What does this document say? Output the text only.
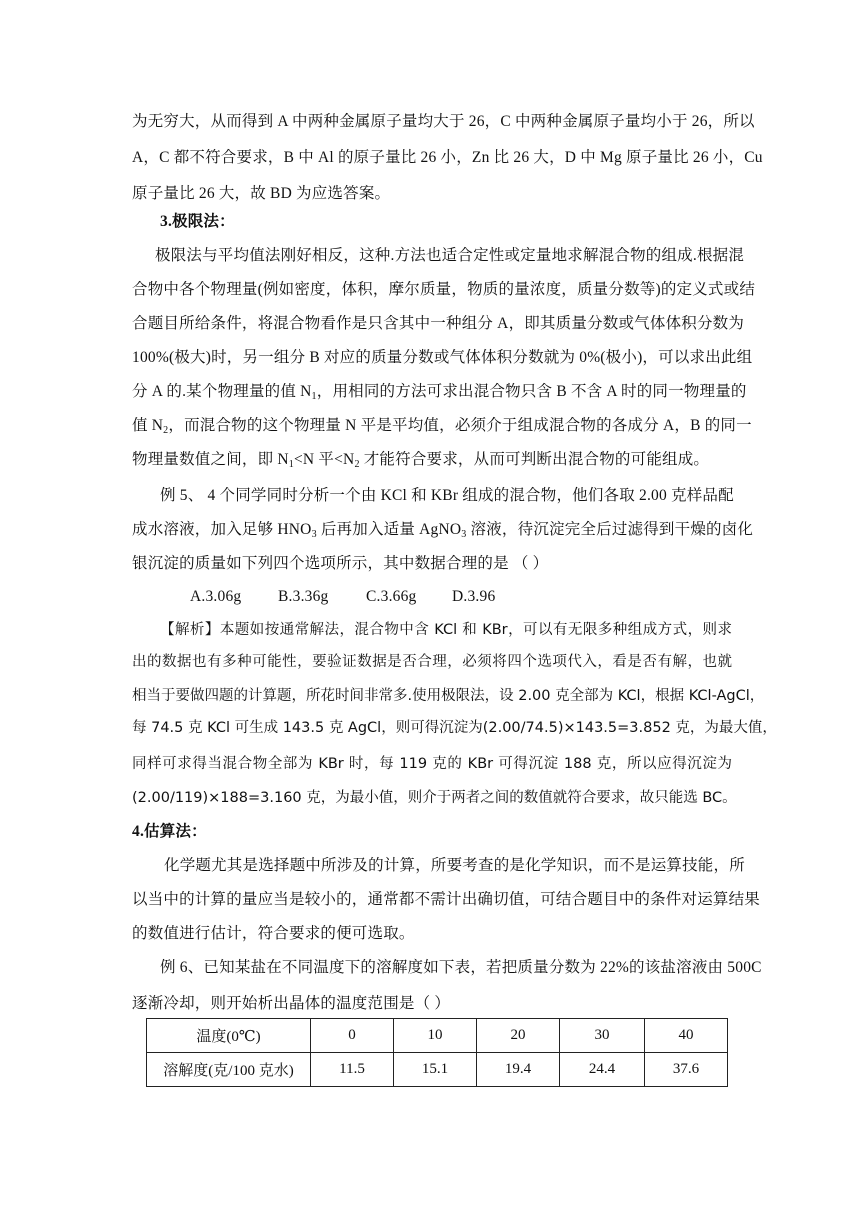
为无穷大，从而得到 A 中两种金属原子量均大于 26，C 中两种金属原子量均小于 26，所以
A，C 都不符合要求，B 中 Al 的原子量比 26 小，Zn 比 26 大，D 中 Mg 原子量比 26 小，Cu
原子量比 26 大，故 BD 为应选答案。
3.极限法：
极限法与平均值法刚好相反，这种.方法也适合定性或定量地求解混合物的组成.根据混
合物中各个物理量(例如密度，体积，摩尔质量，物质的量浓度，质量分数等)的定义式或结
合题目所给条件，将混合物看作是只含其中一种组分 A，即其质量分数或气体体积分数为
100%(极大)时，另一组分 B 对应的质量分数或气体体积分数就为 0%(极小)，可以求出此组
分 A 的.某个物理量的值 $N_1$，用相同的方法可求出混合物只含 B 不含 A 时的同一物理量的
值 $N_2$，而混合物的这个物理量 N 平是平均值，必须介于组成混合物的各成分 A，B 的同一
物理量数值之间，即 $N_1<N$ 平$<N_2$ 才能符合要求，从而可判断出混合物的可能组成。
例 5、 4 个同学同时分析一个由 KCl 和 KBr 组成的混合物，他们各取 2.00 克样品配
成水溶液，加入足够 $HNO_3$ 后再加入适量 AgNO$_3$ 溶液，待沉淀完全后过滤得到干燥的卤化
银沉淀的质量如下列四个选项所示，其中数据合理的是 （ ）
A.3.06g B.3.36g C.3.66g D.3.96
【解析】本题如按通常解法，混合物中含 KCl 和 KBr，可以有无限多种组成方式，则求
出的数据也有多种可能性，要验证数据是否合理，必须将四个选项代入，看是否有解，也就
相当于要做四题的计算题，所花时间非常多.使用极限法，设 2.00 克全部为 KCl，根据 KCl-AgCl，
每 74.5 克 KCl 可生成 143.5 克 AgCl，则可得沉淀为(2.00/74.5)×143.5=3.852 克，为最大值，
同样可求得当混合物全部为 KBr 时，每 119 克的 KBr 可得沉淀 188 克，所以应得沉淀为
(2.00/119)×188=3.160 克，为最小值，则介于两者之间的数值就符合要求，故只能选 BC。
4.估算法：
化学题尤其是选择题中所涉及的计算，所要考查的是化学知识，而不是运算技能，所
以当中的计算的量应当是较小的，通常都不需计出确切值，可结合题目中的条件对运算结果
的数值进行估计，符合要求的便可选取。
例 6、已知某盐在不同温度下的溶解度如下表，若把质量分数为 22%的该盐溶液由 500C
逐渐冷却，则开始析出晶体的温度范围是（ ）
温度(0℃)	0	10	20	30	40
溶解度(克/100 克水)	11.5	15.1	19.4	24.4	37.6
